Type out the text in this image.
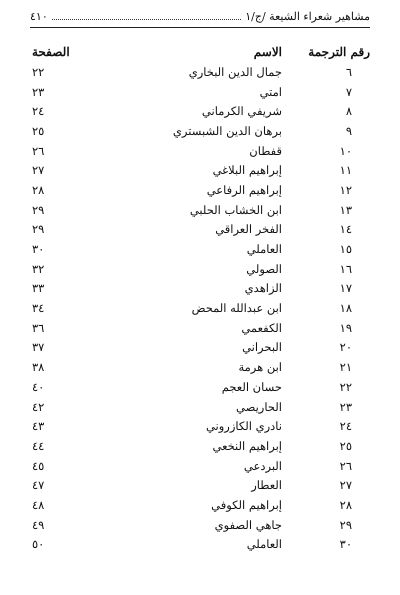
مشاهير شعراء الشيعة /ج/١
٤١٠
رقم الترجمة	الاسم	الصفحة
٦	جمال الدين البخاري	٢٢
٧	امتي	٢٣
٨	شريفي الكرماني	٢٤
٩	برهان الدين الشبستري	٢٥
١٠	قفطان	٢٦
١١	إبراهيم البلاغي	٢٧
١٢	إبراهيم الرفاعي	٢٨
١٣	ابن الخشاب الحلبي	٢٩
١٤	الفخر العراقي	٢٩
١٥	العاملي	٣٠
١٦	الصولي	٣٢
١٧	الزاهدي	٣٣
١٨	ابن عبدالله المحض	٣٤
١٩	الكفعمي	٣٦
٢٠	البحراني	٣٧
٢١	ابن هرمة	٣٨
٢٢	حسان العجم	٤٠
٢٣	الحاريصي	٤٢
٢٤	نادري الكازروني	٤٣
٢٥	إبراهيم النخعي	٤٤
٢٦	البردعي	٤٥
٢٧	العطار	٤٧
٢٨	إبراهيم الكوفي	٤٨
٢٩	جاهي الصفوي	٤٩
٣٠	العاملي	٥٠
